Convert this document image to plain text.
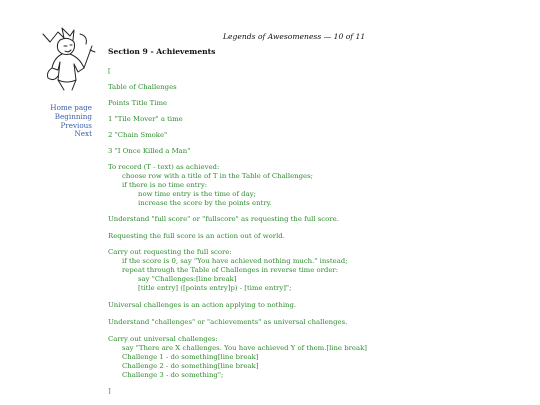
Legends of Awesomeness — 10 of 11
Section 9 - Achievements
Home page
Beginning
Previous
Next
[
Table of Challenges
Points Title Time
1 "Tile Mover" a time
2 "Chain Smoke"
3 "I Once Killed a Man"
To record (T - text) as achieved:
choose row with a title of T in the Table of Challenges;
if there is no time entry:
now time entry is the time of day;
increase the score by the points entry.
Understand "full score" or "fullscore" as requesting the full score.
Requesting the full score is an action out of world.
Carry out requesting the full score:
if the score is 0, say "You have achieved nothing much." instead;
repeat through the Table of Challenges in reverse time order:
say "Challenges:[line break]
[title entry] ([points entry]p) - [time entry]";
Universal challenges is an action applying to nothing.
Understand "challenges" or "achievements" as universal challenges.
Carry out universal challenges:
say "There are X challenges. You have achieved Y of them.[line break]
Challenge 1 - do something[line break]
Challenge 2 - do something[line break]
Challenge 3 - do something";
]
